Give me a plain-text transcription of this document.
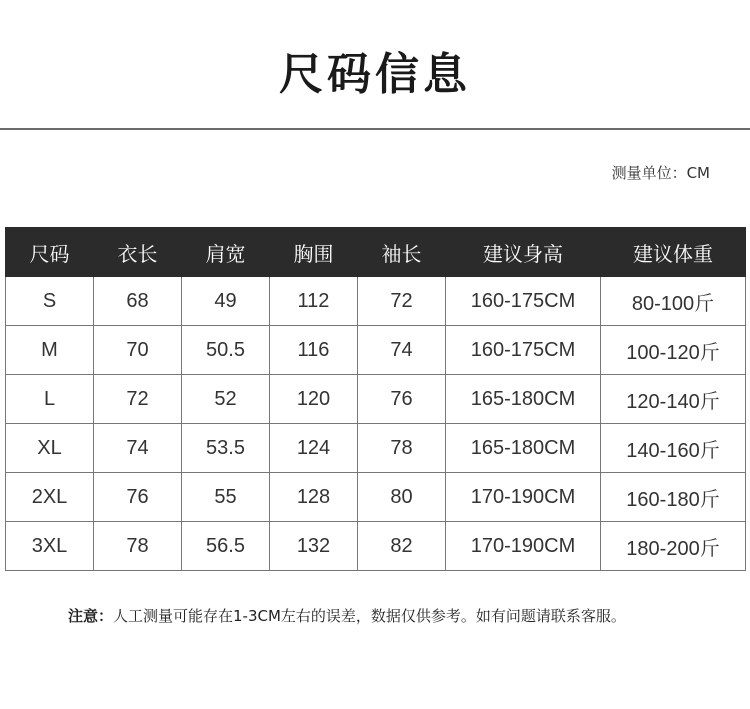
尺码信息
测量单位：CM
尺码	衣长	肩宽	胸围	袖长	建议身高	建议体重
S	68	49	112	72	160-175CM	80-100斤
M	70	50.5	116	74	160-175CM	100-120斤
L	72	52	120	76	165-180CM	120-140斤
XL	74	53.5	124	78	165-180CM	140-160斤
2XL	76	55	128	80	170-190CM	160-180斤
3XL	78	56.5	132	82	170-190CM	180-200斤
注意：人工测量可能存在1-3CM左右的误差，数据仅供参考。如有问题请联系客服。
